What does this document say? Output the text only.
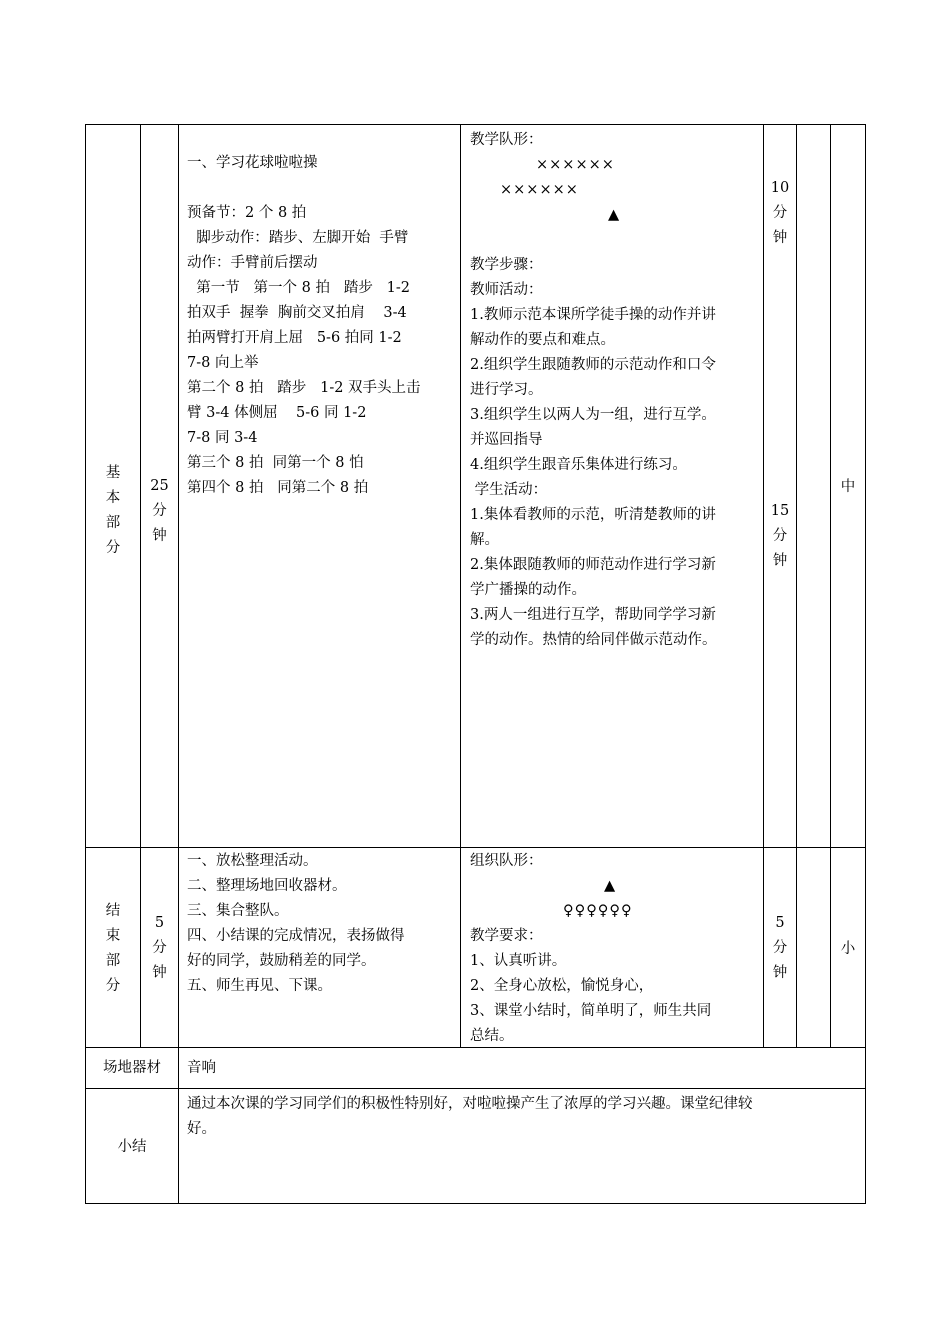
基
本
部
分
25
分
钟
一、学习花球啦啦操

预备节：2 个 8 拍
脚步动作：踏步、左脚开始  手臂
动作：手臂前后摆动
第一节   第一个 8 拍   踏步   1-2
拍双手  握拳  胸前交叉拍肩    3-4
拍两臂打开肩上屈   5-6 拍同 1-2
7-8 向上举
第二个 8 拍   踏步   1-2 双手头上击
臂 3-4 体侧屈    5-6 同 1-2
7-8 同 3-4
第三个 8 拍  同第一个 8 怕
第四个 8 拍   同第二个 8 拍
教学队形：
××××××
××××××
▲

教学步骤：
教师活动：
1.教师示范本课所学徒手操的动作并讲
解动作的要点和难点。
2.组织学生跟随教师的示范动作和口令
进行学习。
3.组织学生以两人为一组，进行互学。
并巡回指导
4.组织学生跟音乐集体进行练习。
学生活动：
1.集体看教师的示范，听清楚教师的讲
解。
2.集体跟随教师的师范动作进行学习新
学广播操的动作。
3.两人一组进行互学，帮助同学学习新
学的动作。热情的给同伴做示范动作。
10
分
钟
15
分
钟
中
结
束
部
分
5
分
钟
一、放松整理活动。
二、整理场地回收器材。
三、集合整队。
四、小结课的完成情况，表扬做得
好的同学，鼓励稍差的同学。
五、师生再见、下课。
组织队形：
▲
♀♀♀♀♀♀
教学要求：
1、认真听讲。
2、全身心放松，愉悦身心，
3、课堂小结时，简单明了，师生共同
总结。
5
分
钟
小
场地器材	音响
小结
通过本次课的学习同学们的积极性特别好，对啦啦操产生了浓厚的学习兴趣。课堂纪律较
好。
